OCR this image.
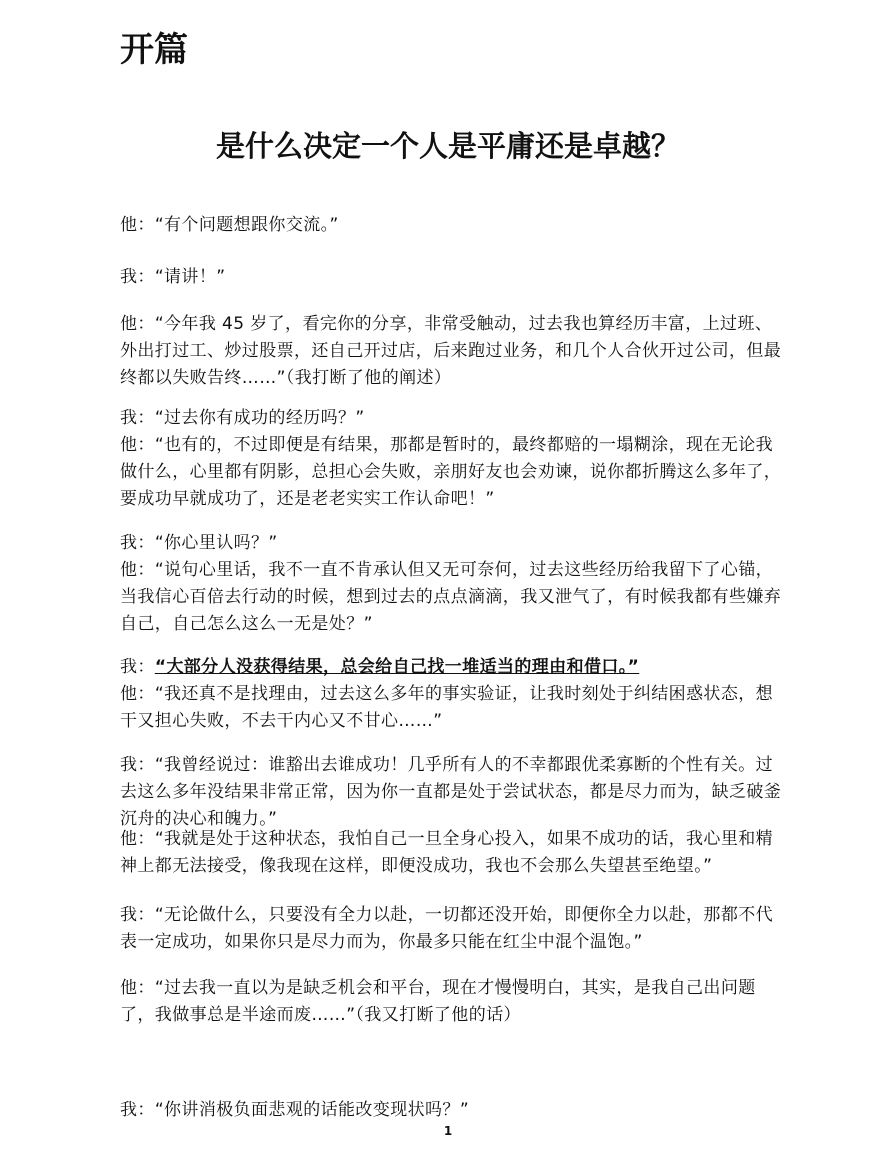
开篇
是什么决定一个人是平庸还是卓越？

他：“有个问题想跟你交流。”

我：“请讲！”

他：“今年我 45 岁了，看完你的分享，非常受触动，过去我也算经历丰富，上过班、外出打过工、炒过股票，还自己开过店，后来跑过业务，和几个人合伙开过公司，但最终都以失败告终……”（我打断了他的阐述）

我：“过去你有成功的经历吗？”

他：“也有的，不过即便是有结果，那都是暂时的，最终都赔的一塌糊涂，现在无论我做什么，心里都有阴影，总担心会失败，亲朋好友也会劝谏，说你都折腾这么多年了，要成功早就成功了，还是老老实实工作认命吧！”

我：“你心里认吗？”

他：“说句心里话，我不一直不肯承认但又无可奈何，过去这些经历给我留下了心锚，当我信心百倍去行动的时候，想到过去的点点滴滴，我又泄气了，有时候我都有些嫌弃自己，自己怎么这么一无是处？”

我：“大部分人没获得结果，总会给自己找一堆适当的理由和借口。”

他：“我还真不是找理由，过去这么多年的事实验证，让我时刻处于纠结困惑状态，想干又担心失败，不去干内心又不甘心……”

我：“我曾经说过：谁豁出去谁成功！几乎所有人的不幸都跟优柔寡断的个性有关。过去这么多年没结果非常正常，因为你一直都是处于尝试状态，都是尽力而为，缺乏破釜沉舟的决心和魄力。”

他：“我就是处于这种状态，我怕自己一旦全身心投入，如果不成功的话，我心里和精神上都无法接受，像我现在这样，即便没成功，我也不会那么失望甚至绝望。”

我：“无论做什么，只要没有全力以赴，一切都还没开始，即便你全力以赴，那都不代表一定成功，如果你只是尽力而为，你最多只能在红尘中混个温饱。”

他：“过去我一直以为是缺乏机会和平台，现在才慢慢明白，其实，是我自己出问题了，我做事总是半途而废……”（我又打断了他的话）

我：“你讲消极负面悲观的话能改变现状吗？”

1
